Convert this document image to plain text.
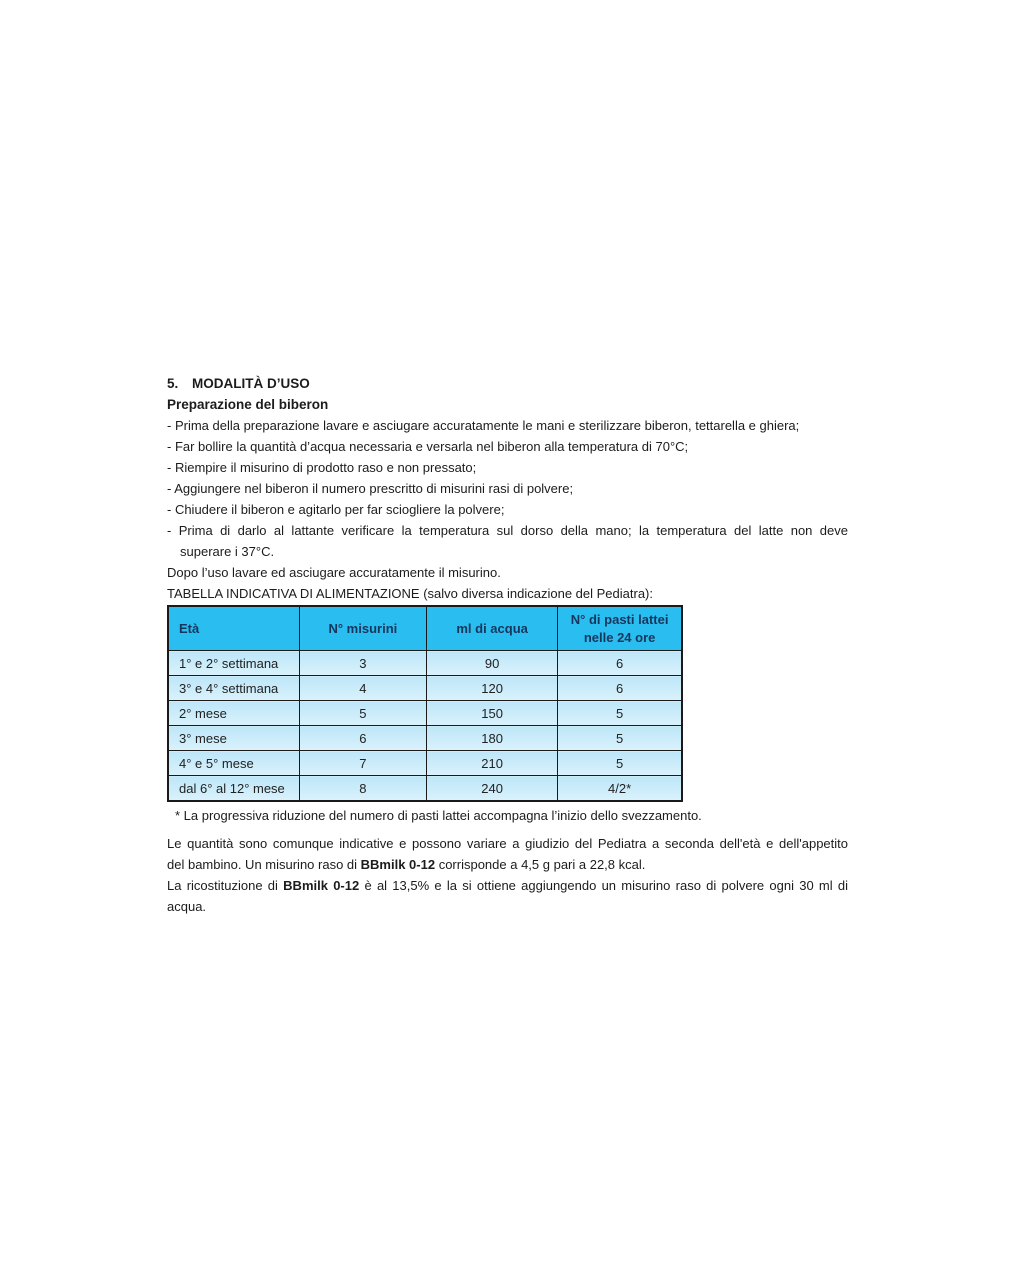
5. MODALITÀ D’USO
Preparazione del biberon
- Prima della preparazione lavare e asciugare accuratamente le mani e sterilizzare biberon, tettarella e ghiera;
- Far bollire la quantità d’acqua necessaria e versarla nel biberon alla temperatura di 70°C;
- Riempire il misurino di prodotto raso e non pressato;
- Aggiungere nel biberon il numero prescritto di misurini rasi di polvere;
- Chiudere il biberon e agitarlo per far sciogliere la polvere;
- Prima di darlo al lattante verificare la temperatura sul dorso della mano; la temperatura del latte non deve
superare i 37°C.
Dopo l’uso lavare ed asciugare accuratamente il misurino.
TABELLA INDICATIVA DI ALIMENTAZIONE (salvo diversa indicazione del Pediatra):
Età	N° misurini	ml di acqua	N° di pasti lattei
nelle 24 ore

1° e 2° settimana	3	90	6
3° e 4° settimana	4	120	6
2° mese	5	150	5
3° mese	6	180	5
4° e 5° mese	7	210	5
dal 6° al 12° mese	8	240	4/2*
* La progressiva riduzione del numero di pasti lattei accompagna l’inizio dello svezzamento.
Le quantità sono comunque indicative e possono variare a giudizio del Pediatra a seconda dell'età e dell'appetito
del bambino. Un misurino raso di BBmilk 0-12 corrisponde a 4,5 g pari a 22,8 kcal.
La ricostituzione di BBmilk 0-12 è al 13,5% e la si ottiene aggiungendo un misurino raso di polvere ogni 30 ml di
acqua.
